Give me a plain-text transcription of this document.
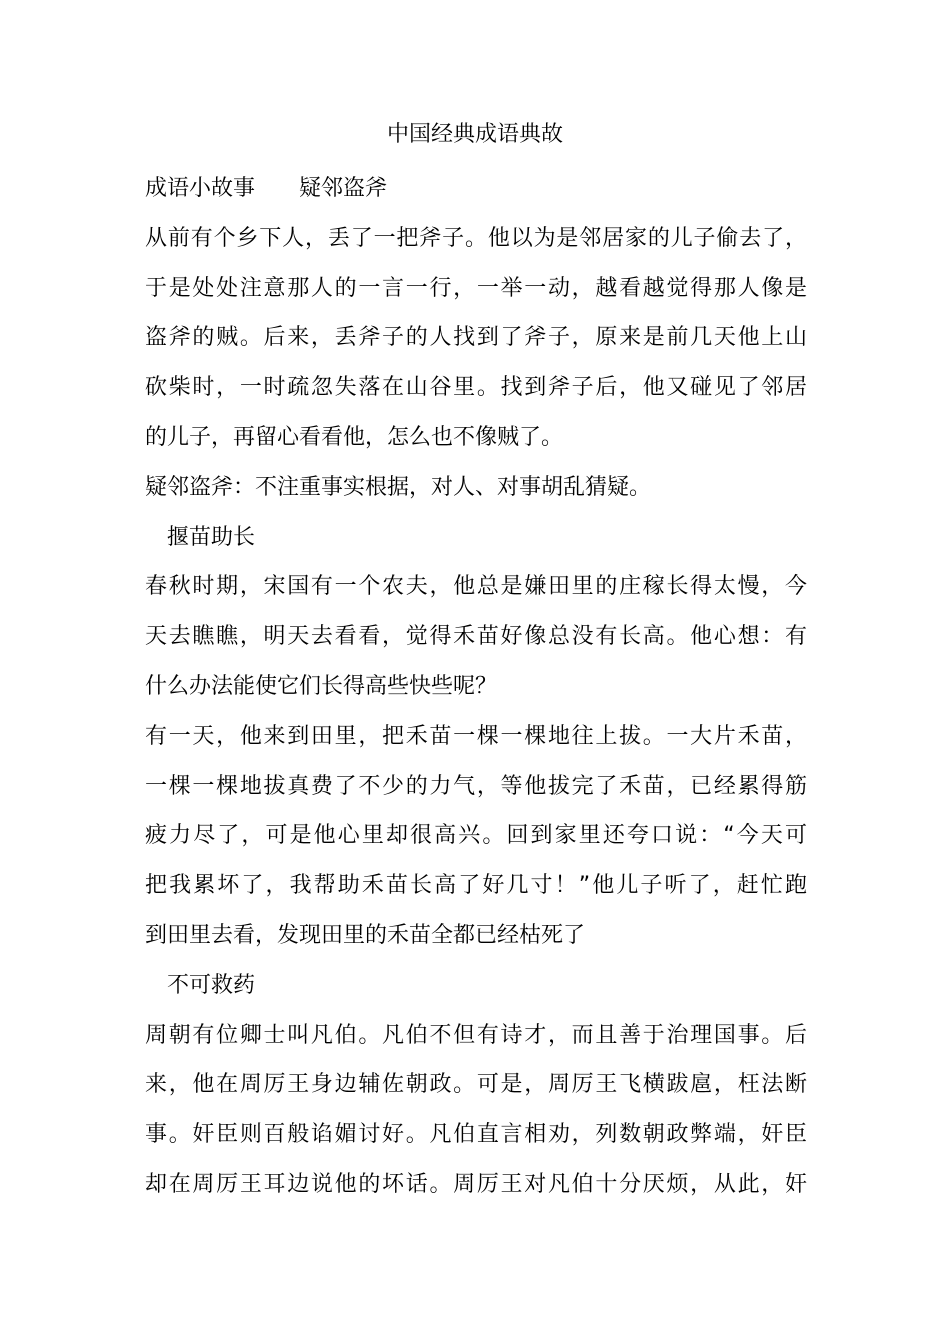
中国经典成语典故
成语小故事　　疑邻盗斧
从前有个乡下人，丢了一把斧子。他以为是邻居家的儿子偷去了，
于是处处注意那人的一言一行，一举一动，越看越觉得那人像是
盗斧的贼。后来，丢斧子的人找到了斧子，原来是前几天他上山
砍柴时，一时疏忽失落在山谷里。找到斧子后，他又碰见了邻居
的儿子，再留心看看他，怎么也不像贼了。
疑邻盗斧：不注重事实根据，对人、对事胡乱猜疑。
　揠苗助长
春秋时期，宋国有一个农夫，他总是嫌田里的庄稼长得太慢，今
天去瞧瞧，明天去看看，觉得禾苗好像总没有长高。他心想：有
什么办法能使它们长得高些快些呢？
有一天，他来到田里，把禾苗一棵一棵地往上拔。一大片禾苗，
一棵一棵地拔真费了不少的力气，等他拔完了禾苗，已经累得筋
疲力尽了，可是他心里却很高兴。回到家里还夸口说：“今天可
把我累坏了，我帮助禾苗长高了好几寸！”他儿子听了，赶忙跑
到田里去看，发现田里的禾苗全都已经枯死了
　不可救药
周朝有位卿士叫凡伯。凡伯不但有诗才，而且善于治理国事。后
来，他在周厉王身边辅佐朝政。可是，周厉王飞横跋扈，枉法断
事。奸臣则百般谄媚讨好。凡伯直言相劝，列数朝政弊端，奸臣
却在周厉王耳边说他的坏话。周厉王对凡伯十分厌烦，从此，奸
